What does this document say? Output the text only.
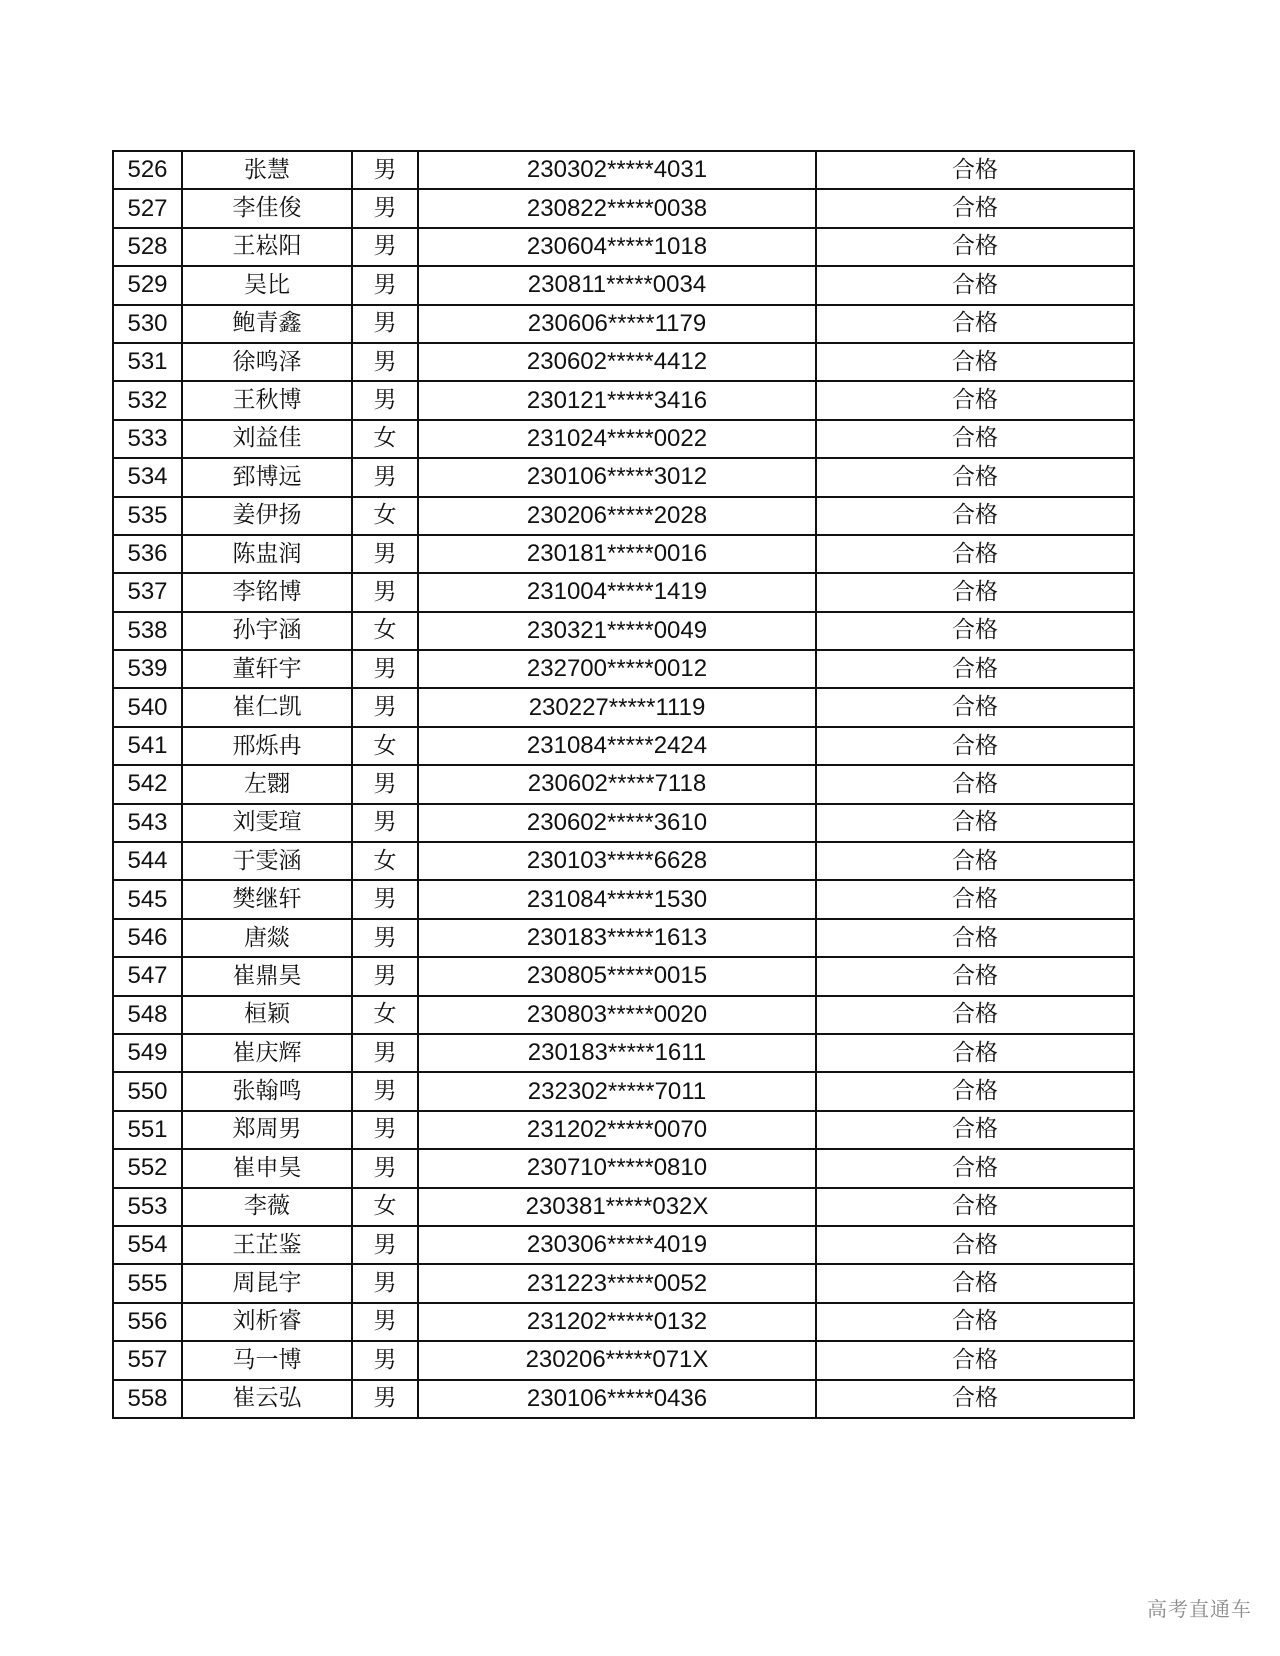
526	张慧	男	230302*****4031	合格
527	李佳俊	男	230822*****0038	合格
528	王崧阳	男	230604*****1018	合格
529	吴比	男	230811*****0034	合格
530	鲍青鑫	男	230606*****1179	合格
531	徐鸣泽	男	230602*****4412	合格
532	王秋博	男	230121*****3416	合格
533	刘益佳	女	231024*****0022	合格
534	郅博远	男	230106*****3012	合格
535	姜伊扬	女	230206*****2028	合格
536	陈盅润	男	230181*****0016	合格
537	李铭博	男	231004*****1419	合格
538	孙宇涵	女	230321*****0049	合格
539	董轩宇	男	232700*****0012	合格
540	崔仁凯	男	230227*****1119	合格
541	邢烁冉	女	231084*****2424	合格
542	左翾	男	230602*****7118	合格
543	刘雯瑄	男	230602*****3610	合格
544	于雯涵	女	230103*****6628	合格
545	樊继轩	男	231084*****1530	合格
546	唐燚	男	230183*****1613	合格
547	崔鼎昊	男	230805*****0015	合格
548	桓颖	女	230803*****0020	合格
549	崔庆辉	男	230183*****1611	合格
550	张翰鸣	男	232302*****7011	合格
551	郑周男	男	231202*****0070	合格
552	崔申昊	男	230710*****0810	合格
553	李薇	女	230381*****032X	合格
554	王芷鉴	男	230306*****4019	合格
555	周昆宇	男	231223*****0052	合格
556	刘析睿	男	231202*****0132	合格
557	马一博	男	230206*****071X	合格
558	崔云弘	男	230106*****0436	合格
高考直通车
